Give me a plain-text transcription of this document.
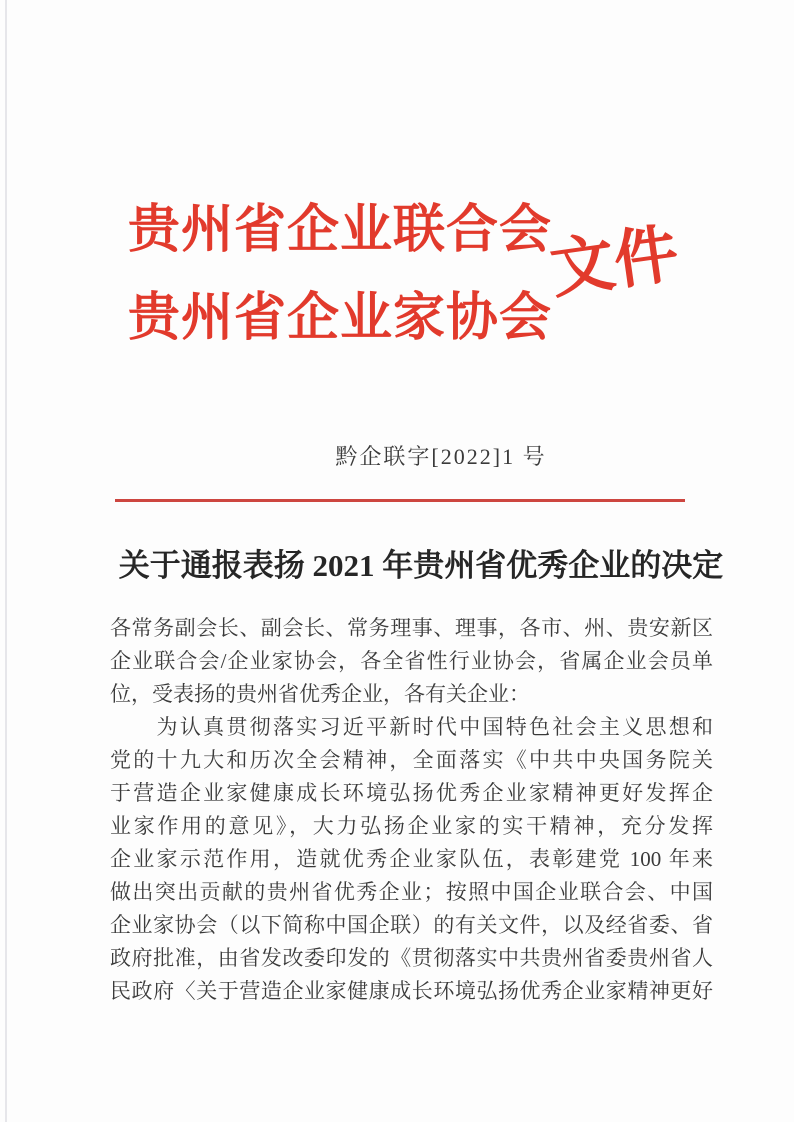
贵州省企业联合会
贵州省企业家协会
文件
黔企联字[2022]1 号
关于通报表扬 2021 年贵州省优秀企业的决定
各常务副会长、副会长、常务理事、理事，各市、州、贵安新区
企业联合会/企业家协会，各全省性行业协会，省属企业会员单
位，受表扬的贵州省优秀企业，各有关企业：
　　为认真贯彻落实习近平新时代中国特色社会主义思想和
党的十九大和历次全会精神，全面落实《中共中央国务院关
于营造企业家健康成长环境弘扬优秀企业家精神更好发挥企
业家作用的意见》，大力弘扬企业家的实干精神，充分发挥
企业家示范作用，造就优秀企业家队伍，表彰建党 100 年来
做出突出贡献的贵州省优秀企业；按照中国企业联合会、中国
企业家协会（以下简称中国企联）的有关文件，以及经省委、省
政府批准，由省发改委印发的《贯彻落实中共贵州省委贵州省人
民政府〈关于营造企业家健康成长环境弘扬优秀企业家精神更好
